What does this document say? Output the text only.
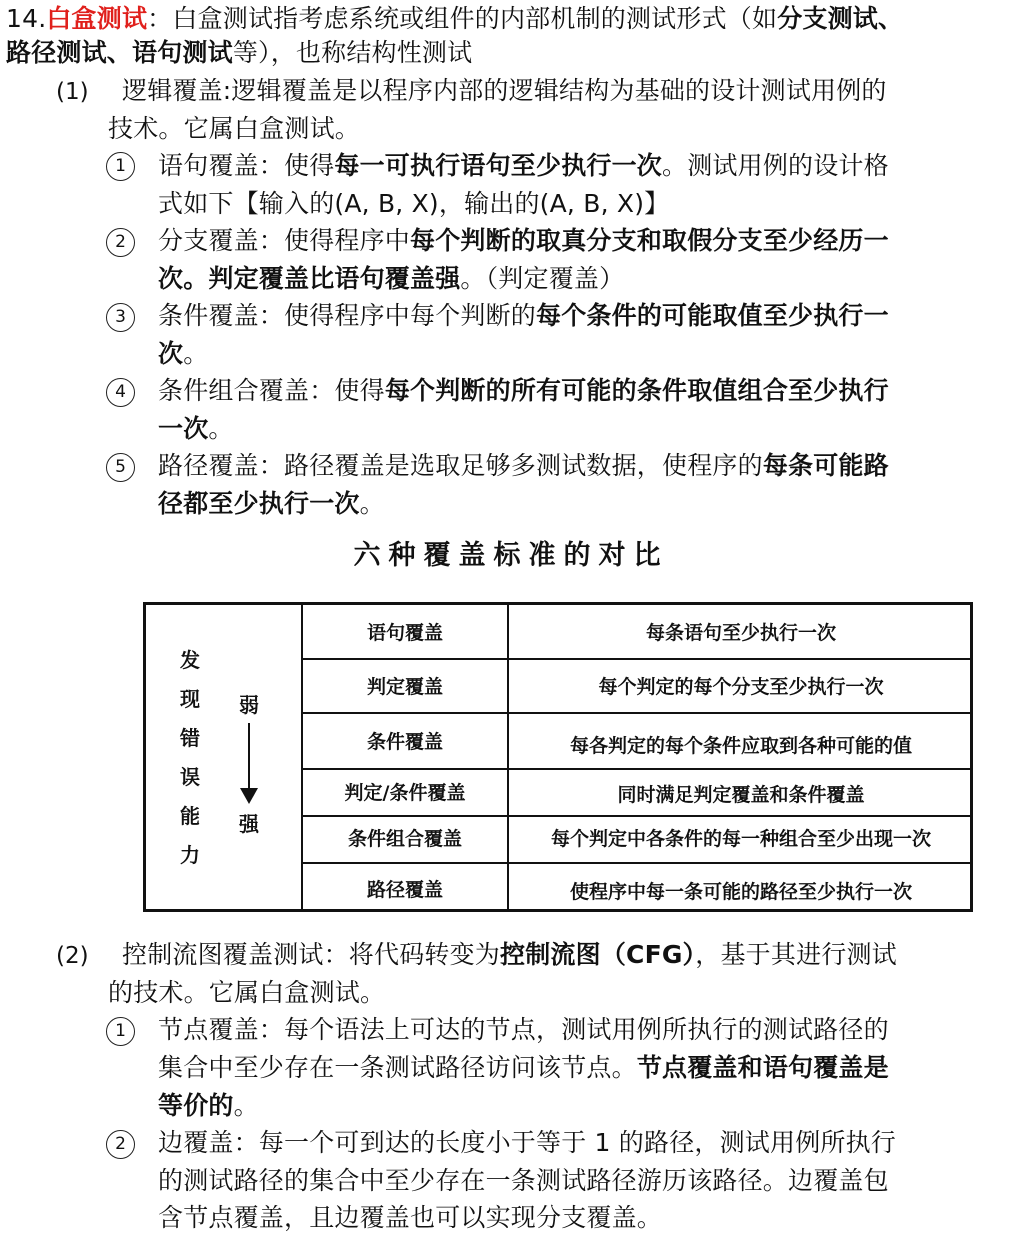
14.白盒测试：白盒测试指考虑系统或组件的内部机制的测试形式（如分支测试、
路径测试、语句测试等），也称结构性测试
(1) 逻辑覆盖:逻辑覆盖是以程序内部的逻辑结构为基础的设计测试用例的
技术。它属白盒测试。
1	语句覆盖：使得每一可执行语句至少执行一次。测试用例的设计格
式如下【输入的(A, B, X)，输出的(A, B, X)】
2	分支覆盖：使得程序中每个判断的取真分支和取假分支至少经历一
次。判定覆盖比语句覆盖强。（判定覆盖）
3	条件覆盖：使得程序中每个判断的每个条件的可能取值至少执行一
次。
4	条件组合覆盖：使得每个判断的所有可能的条件取值组合至少执行
一次。
5	路径覆盖：路径覆盖是选取足够多测试数据，使程序的每条可能路
径都至少执行一次。
六种覆盖标准的对比
语句覆盖	每条语句至少执行一次
判定覆盖	每个判定的每个分支至少执行一次
条件覆盖	每各判定的每个条件应取到各种可能的值
判定/条件覆盖	同时满足判定覆盖和条件覆盖
条件组合覆盖	每个判定中各条件的每一种组合至少出现一次
路径覆盖	使程序中每一条可能的路径至少执行一次
发
现
错
误
能
力
弱
强
(2) 控制流图覆盖测试：将代码转变为控制流图（CFG），基于其进行测试
的技术。它属白盒测试。
1	节点覆盖：每个语法上可达的节点，测试用例所执行的测试路径的
集合中至少存在一条测试路径访问该节点。节点覆盖和语句覆盖是
等价的。
2	边覆盖：每一个可到达的长度小于等于 1 的路径，测试用例所执行
的测试路径的集合中至少存在一条测试路径游历该路径。边覆盖包
含节点覆盖，且边覆盖也可以实现分支覆盖。
